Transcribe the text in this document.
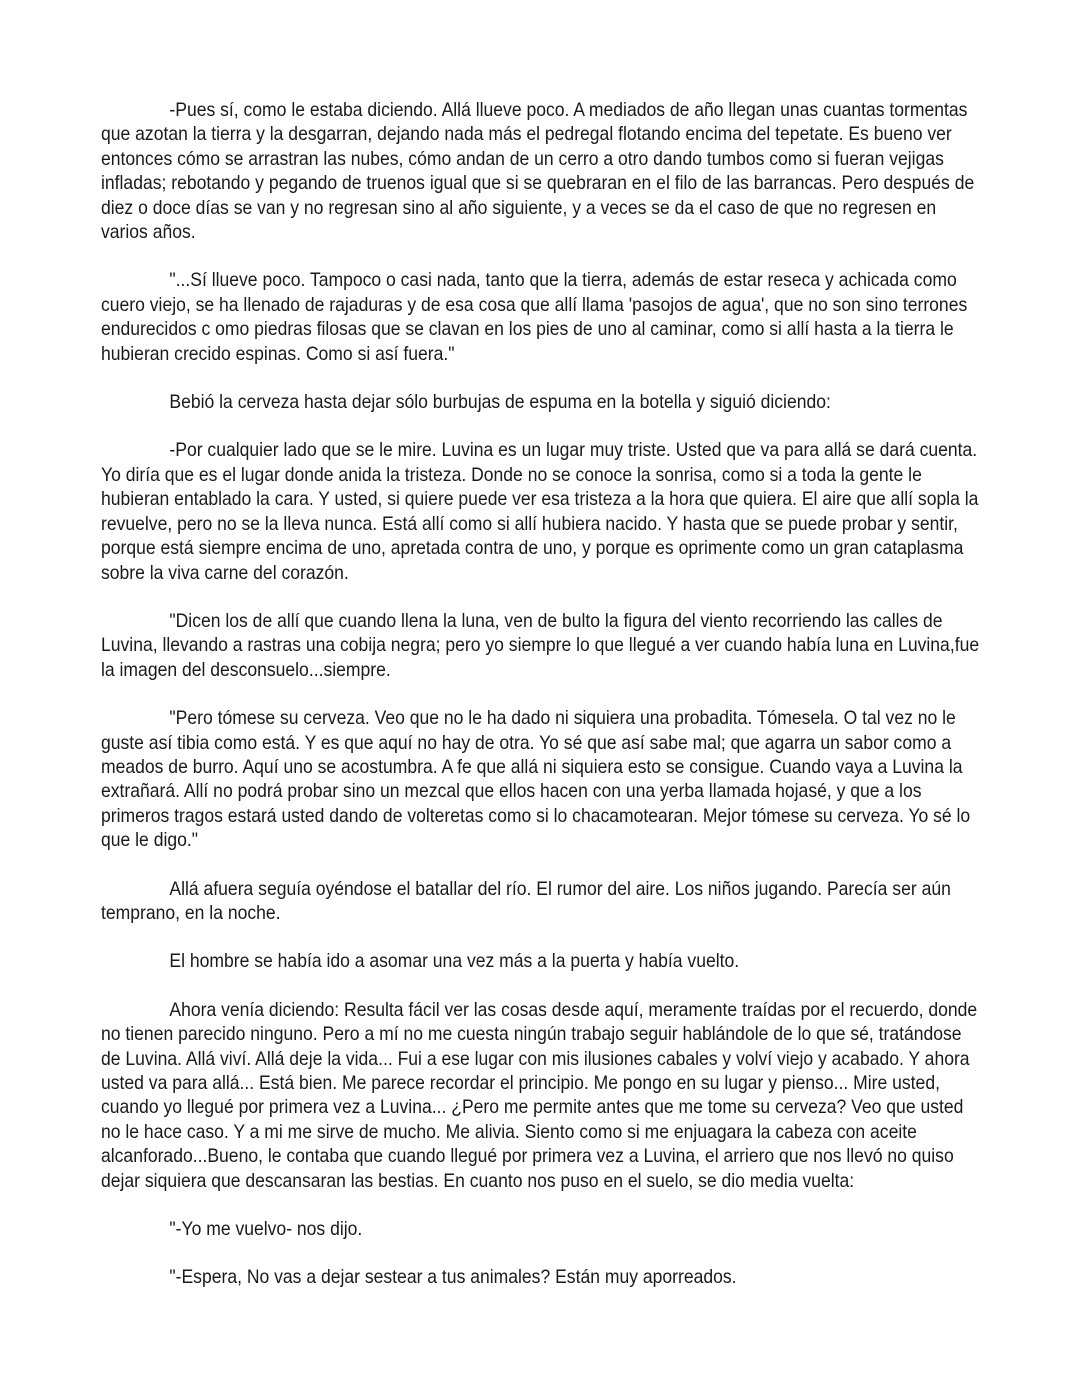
-Pues sí, como le estaba diciendo. Allá llueve poco. A mediados de año llegan unas cuantas tormentas que azotan la tierra y la desgarran, dejando nada más el pedregal flotando encima del tepetate. Es bueno ver entonces cómo se arrastran las nubes, cómo andan de un cerro a otro dando tumbos como si fueran vejigas infladas; rebotando y pegando de truenos igual que si se quebraran en el filo de las barrancas. Pero después de diez o doce días se van y no regresan sino al año siguiente, y a veces se da el caso de que no regresen en varios años.

"...Sí llueve poco. Tampoco o casi nada, tanto que la tierra, además de estar reseca y achicada como cuero viejo, se ha llenado de rajaduras y de esa cosa que allí llama 'pasojos de agua', que no son sino terrones endurecidos c omo piedras filosas que se clavan en los pies de uno al caminar, como si allí hasta a la tierra le hubieran crecido espinas. Como si así fuera."

Bebió la cerveza hasta dejar sólo burbujas de espuma en la botella y siguió diciendo:

-Por cualquier lado que se le mire. Luvina es un lugar muy triste. Usted que va para allá se dará cuenta. Yo diría que es el lugar donde anida la tristeza. Donde no se conoce la sonrisa, como si a toda la gente le hubieran entablado la cara. Y usted, si quiere puede ver esa tristeza a la hora que quiera. El aire que allí sopla la revuelve, pero no se la lleva nunca. Está allí como si allí hubiera nacido. Y hasta que se puede probar y sentir, porque está siempre encima de uno, apretada contra de uno, y porque es oprimente como un gran cataplasma sobre la viva carne del corazón.

"Dicen los de allí que cuando llena la luna, ven de bulto la figura del viento recorriendo las calles de Luvina, llevando a rastras una cobija negra; pero yo siempre lo que llegué a ver cuando había luna en Luvina,fue la imagen del desconsuelo...siempre.

"Pero tómese su cerveza. Veo que no le ha dado ni siquiera una probadita. Tómesela. O tal vez no le guste así tibia como está. Y es que aquí no hay de otra. Yo sé que así sabe mal; que agarra un sabor como a meados de burro. Aquí uno se acostumbra. A fe que allá ni siquiera esto se consigue. Cuando vaya a Luvina la extrañará. Allí no podrá probar sino un mezcal que ellos hacen con una yerba llamada hojasé, y que a los primeros tragos estará usted dando de volteretas como si lo chacamotearan. Mejor tómese su cerveza. Yo sé lo que le digo."

Allá afuera seguía oyéndose el batallar del río. El rumor del aire. Los niños jugando. Parecía ser aún temprano, en la noche.

El hombre se había ido a asomar una vez más a la puerta y había vuelto.

Ahora venía diciendo: Resulta fácil ver las cosas desde aquí, meramente traídas por el recuerdo, donde no tienen parecido ninguno. Pero a mí no me cuesta ningún trabajo seguir hablándole de lo que sé, tratándose de Luvina. Allá viví. Allá deje la vida... Fui a ese lugar con mis ilusiones cabales y volví viejo y acabado. Y ahora usted va para allá... Está bien. Me parece recordar el principio. Me pongo en su lugar y pienso... Mire usted, cuando yo llegué por primera vez a Luvina... ¿Pero me permite antes que me tome su cerveza? Veo que usted no le hace caso. Y a mi me sirve de mucho. Me alivia. Siento como si me enjuagara la cabeza con aceite alcanforado...Bueno, le contaba que cuando llegué por primera vez a Luvina, el arriero que nos llevó no quiso dejar siquiera que descansaran las bestias. En cuanto nos puso en el suelo, se dio media vuelta:

"-Yo me vuelvo- nos dijo.

"-Espera, No vas a dejar sestear a tus animales? Están muy aporreados.
